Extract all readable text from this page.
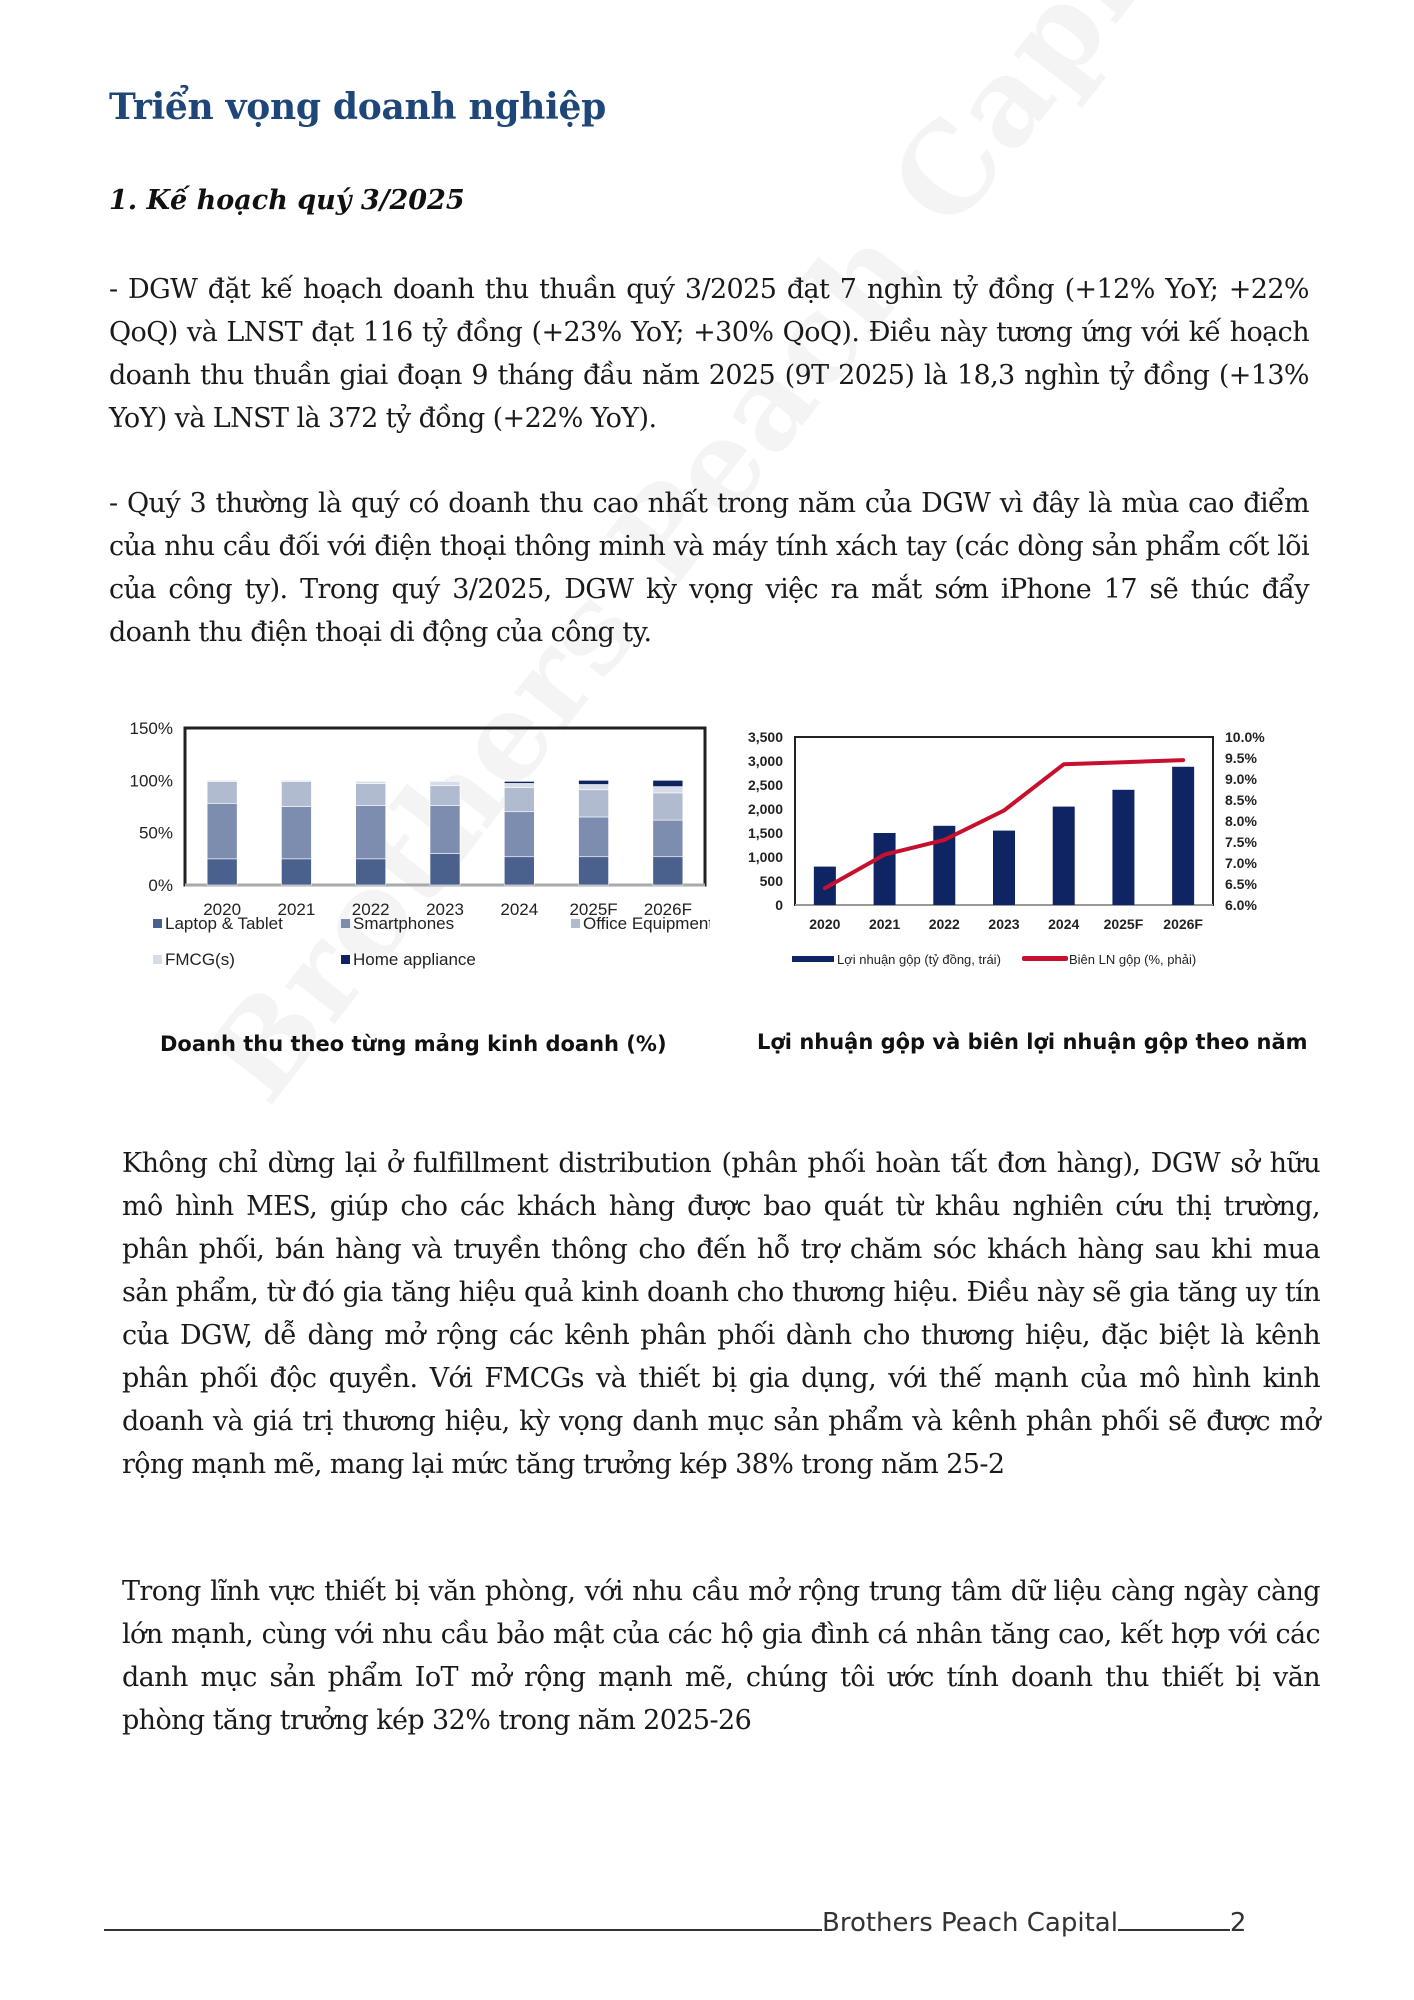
Triển vọng doanh nghiệp
1. Kế hoạch quý 3/2025

- DGW đặt kế hoạch doanh thu thuần quý 3/2025 đạt 7 nghìn tỷ đồng (+12% YoY; +22% QoQ) và LNST đạt 116 tỷ đồng (+23% YoY; +30% QoQ). Điều này tương ứng với kế hoạch doanh thu thuần giai đoạn 9 tháng đầu năm 2025 (9T 2025) là 18,3 nghìn tỷ đồng (+13% YoY) và LNST là 372 tỷ đồng (+22% YoY).

- Quý 3 thường là quý có doanh thu cao nhất trong năm của DGW vì đây là mùa cao điểm của nhu cầu đối với điện thoại thông minh và máy tính xách tay (các dòng sản phẩm cốt lõi của công ty). Trong quý 3/2025, DGW kỳ vọng việc ra mắt sớm iPhone 17 sẽ thúc đẩy doanh thu điện thoại di động của công ty.

0%
50%
100%
150%
2020 2021 2022 2023 2024 2025F 2026F
Laptop & Tablet	Smartphones	Office Equipment
FMCG(s)	Home appliance
Doanh thu theo từng mảng kinh doanh (%)
0
500
1,000
1,500
2,000
2,500
3,000
3,500
6.0%
6.5%
7.0%
7.5%
8.0%
8.5%
9.0%
9.5%
10.0%
2020 2021 2022 2023 2024 2025F 2026F
Lợi nhuận gộp (tỷ đồng, trái)	Biên LN gộp (%, phải)
Lợi nhuận gộp và biên lợi nhuận gộp theo năm

Không chỉ dừng lại ở fulfillment distribution (phân phối hoàn tất đơn hàng), DGW sở hữu mô hình MES, giúp cho các khách hàng được bao quát từ khâu nghiên cứu thị trường, phân phối, bán hàng và truyền thông cho đến hỗ trợ chăm sóc khách hàng sau khi mua sản phẩm, từ đó gia tăng hiệu quả kinh doanh cho thương hiệu. Điều này sẽ gia tăng uy tín của DGW, dễ dàng mở rộng các kênh phân phối dành cho thương hiệu, đặc biệt là kênh phân phối độc quyền. Với FMCGs và thiết bị gia dụng, với thế mạnh của mô hình kinh doanh và giá trị thương hiệu, kỳ vọng danh mục sản phẩm và kênh phân phối sẽ được mở rộng mạnh mẽ, mang lại mức tăng trưởng kép 38% trong năm 25-2

Trong lĩnh vực thiết bị văn phòng, với nhu cầu mở rộng trung tâm dữ liệu càng ngày càng lớn mạnh, cùng với nhu cầu bảo mật của các hộ gia đình cá nhân tăng cao, kết hợp với các danh mục sản phẩm IoT mở rộng mạnh mẽ, chúng tôi ước tính doanh thu thiết bị văn phòng tăng trưởng kép 32% trong năm 2025-26

Brothers Peach Capital	2
